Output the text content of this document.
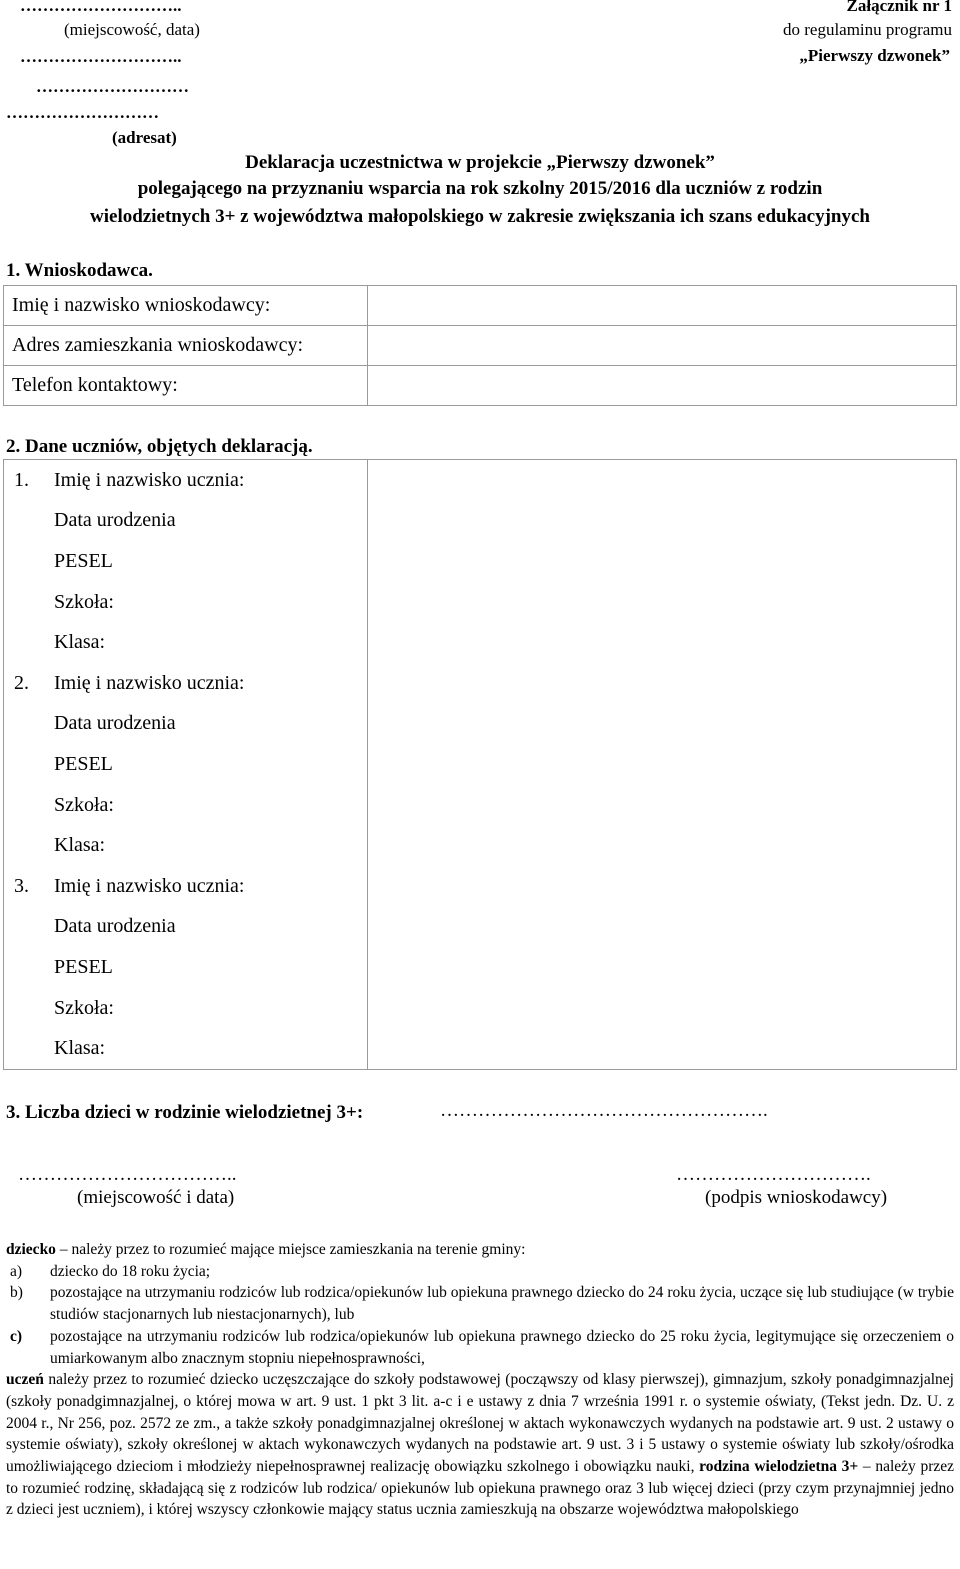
………………………..
(miejscowość, data)
………………………..
………………………
………………………
(adresat)
Załącznik nr 1
do regulaminu programu
„Pierwszy dzwonek”
Deklaracja uczestnictwa w projekcie „Pierwszy dzwonek”
polegającego na przyznaniu wsparcia na rok szkolny 2015/2016 dla uczniów z rodzin
wielodzietnych 3+ z województwa małopolskiego w zakresie zwiększania ich szans edukacyjnych
1. Wnioskodawca.
Imię i nazwisko wnioskodawcy:	
Adres zamieszkania wnioskodawcy:	
Telefon kontaktowy:	
2. Dane uczniów, objętych deklaracją.
1.	Imię i nazwisko ucznia:
Data urodzenia
PESEL
Szkoła:
Klasa:
2.	Imię i nazwisko ucznia:
Data urodzenia
PESEL
Szkoła:
Klasa:
3.	Imię i nazwisko ucznia:
Data urodzenia
PESEL
Szkoła:
Klasa:

3. Liczba dzieci w rodzinie wielodzietnej 3+:	…………………………………………….
……………………………..
(miejscowość i data)
………………………….
(podpis wnioskodawcy)

dziecko – należy przez to rozumieć mające miejsce zamieszkania na terenie gminy:

a)	dziecko do 18 roku życia;
b)	pozostające na utrzymaniu rodziców lub rodzica/opiekunów lub opiekuna prawnego dziecko do 24 roku życia, uczące się lub studiujące (w trybie studiów stacjonarnych lub niestacjonarnych), lub
c)	pozostające na utrzymaniu rodziców lub rodzica/opiekunów lub opiekuna prawnego dziecko do 25 roku życia, legitymujące się orzeczeniem o umiarkowanym albo znacznym stopniu niepełnosprawności,

uczeń należy przez to rozumieć dziecko uczęszczające do szkoły podstawowej (począwszy od klasy pierwszej), gimnazjum, szkoły ponadgimnazjalnej (szkoły ponadgimnazjalnej, o której mowa w art. 9 ust. 1 pkt 3 lit. a-c i e ustawy z dnia 7 września 1991 r. o systemie oświaty, (Tekst jedn. Dz. U. z 2004 r., Nr 256, poz. 2572 ze zm., a także szkoły ponadgimnazjalnej określonej w aktach wykonawczych wydanych na podstawie art. 9 ust. 2 ustawy o systemie oświaty), szkoły określonej w aktach wykonawczych wydanych na podstawie art. 9 ust. 3 i 5 ustawy o systemie oświaty lub szkoły/ośrodka umożliwiającego dzieciom i młodzieży niepełnosprawnej realizację obowiązku szkolnego i obowiązku nauki, rodzina wielodzietna 3+ – należy przez to rozumieć rodzinę, składającą się z rodziców lub rodzica/ opiekunów lub opiekuna prawnego oraz 3 lub więcej dzieci (przy czym przynajmniej jedno z dzieci jest uczniem), i której wszyscy członkowie mający status ucznia zamieszkują na obszarze województwa małopolskiego
